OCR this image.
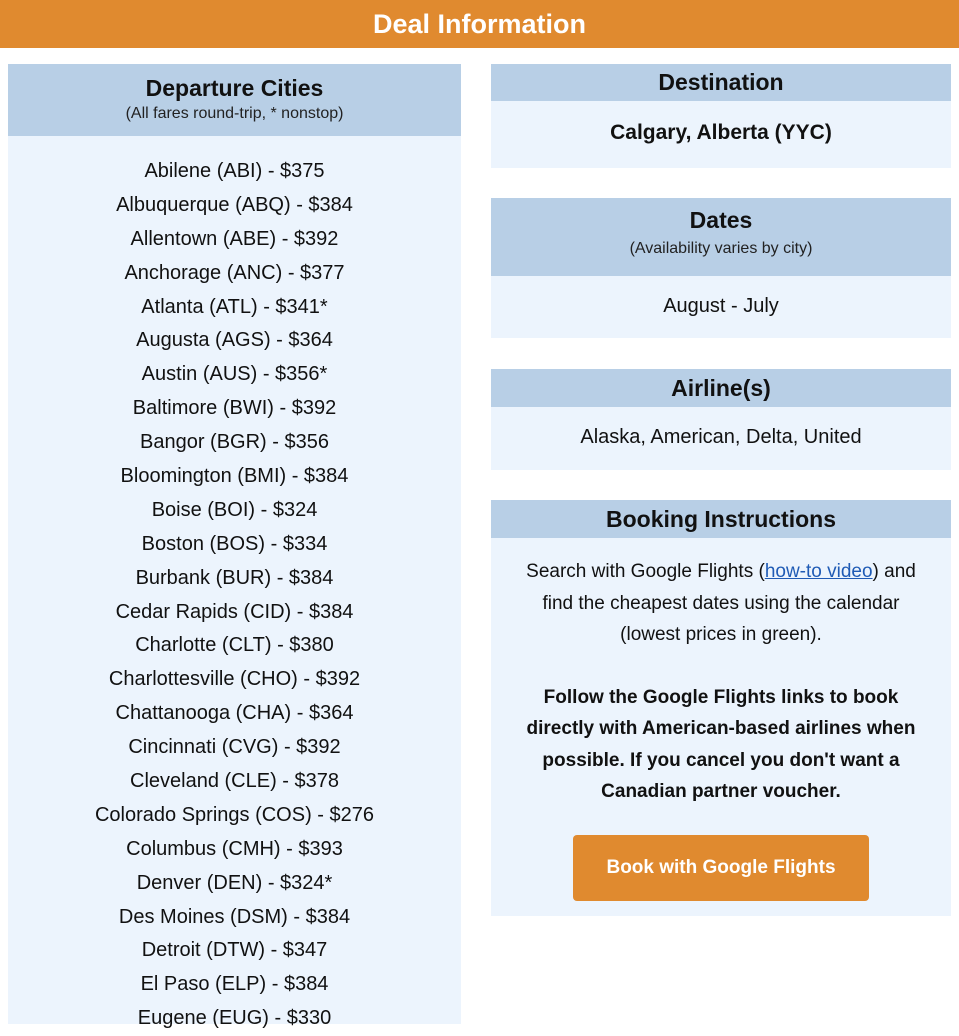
Deal Information
Departure Cities
(All fares round-trip, * nonstop)
Abilene (ABI) - $375
Albuquerque (ABQ) - $384
Allentown (ABE) - $392
Anchorage (ANC) - $377
Atlanta (ATL) - $341*
Augusta (AGS) - $364
Austin (AUS) - $356*
Baltimore (BWI) - $392
Bangor (BGR) - $356
Bloomington (BMI) - $384
Boise (BOI) - $324
Boston (BOS) - $334
Burbank (BUR) - $384
Cedar Rapids (CID) - $384
Charlotte (CLT) - $380
Charlottesville (CHO) - $392
Chattanooga (CHA) - $364
Cincinnati (CVG) - $392
Cleveland (CLE) - $378
Colorado Springs (COS) - $276
Columbus (CMH) - $393
Denver (DEN) - $324*
Des Moines (DSM) - $384
Detroit (DTW) - $347
El Paso (ELP) - $384
Eugene (EUG) - $330
Destination
Calgary, Alberta (YYC)
Dates
(Availability varies by city)
August - July
Airline(s)
Alaska, American, Delta, United
Booking Instructions
Search with Google Flights (how-to video) and find the cheapest dates using the calendar (lowest prices in green).
Follow the Google Flights links to book directly with American-based airlines when possible. If you cancel you don't want a Canadian partner voucher.
Book with Google Flights
